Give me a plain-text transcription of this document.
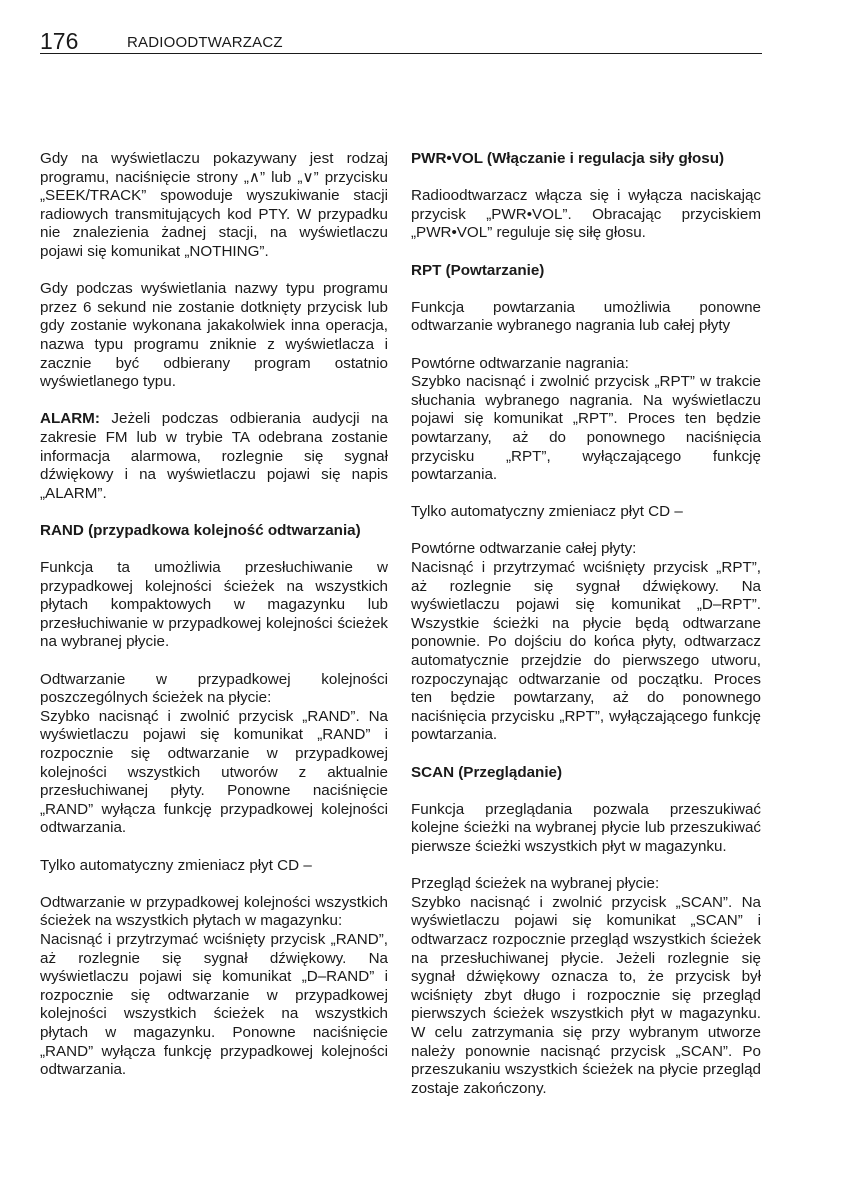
176	RADIOODTWARZACZ

Gdy na wyświetlaczu pokazywany jest rodzaj programu, naciśnięcie strony „∧” lub „∨” przycisku „SEEK/TRACK” spowoduje wyszukiwanie stacji radiowych transmitujących kod PTY. W przypadku nie znalezienia żadnej stacji, na wyświetlaczu pojawi się komunikat „NOTHING”.

Gdy podczas wyświetlania nazwy typu programu przez 6 sekund nie zostanie dotknięty przycisk lub gdy zostanie wykonana jakakolwiek inna operacja, nazwa typu programu zniknie z wyświetlacza i zacznie być odbierany program ostatnio wyświetlanego typu.

ALARM: Jeżeli podczas odbierania audycji na zakresie FM lub w trybie TA odebrana zostanie informacja alarmowa, rozlegnie się sygnał dźwiękowy i na wyświetlaczu pojawi się napis „ALARM”.

RAND (przypadkowa kolejność odtwarzania)

Funkcja ta umożliwia przesłuchiwanie w przypadkowej kolejności ścieżek na wszystkich płytach kompaktowych w magazynku lub przesłuchiwanie w przypadkowej kolejności ścieżek na wybranej płycie.

Odtwarzanie w przypadkowej kolejności poszczególnych ścieżek na płycie:

Szybko nacisnąć i zwolnić przycisk „RAND”. Na wyświetlaczu pojawi się komunikat „RAND” i rozpocznie się odtwarzanie w przypadkowej kolejności wszystkich utworów z aktualnie przesłuchiwanej płyty. Ponowne naciśnięcie „RAND” wyłącza funkcję przypadkowej kolejności odtwarzania.

Tylko automatyczny zmieniacz płyt CD –

Odtwarzanie w przypadkowej kolejności wszystkich ścieżek na wszystkich płytach w magazynku:

Nacisnąć i przytrzymać wciśnięty przycisk „RAND”, aż rozlegnie się sygnał dźwiękowy. Na wyświetlaczu pojawi się komunikat „D–RAND” i rozpocznie się odtwarzanie w przypadkowej kolejności wszystkich ścieżek na wszystkich płytach w magazynku. Ponowne naciśnięcie „RAND” wyłącza funkcję przypadkowej kolejności odtwarzania.

PWR•VOL (Włączanie i regulacja siły głosu)

Radioodtwarzacz włącza się i wyłącza naciskając przycisk „PWR•VOL”. Obracając przyciskiem „PWR•VOL” reguluje się siłę głosu.

RPT (Powtarzanie)

Funkcja powtarzania umożliwia ponowne odtwarzanie wybranego nagrania lub całej płyty

Powtórne odtwarzanie nagrania:

Szybko nacisnąć i zwolnić przycisk „RPT” w trakcie słuchania wybranego nagrania. Na wyświetlaczu pojawi się komunikat „RPT”. Proces ten będzie powtarzany, aż do ponownego naciśnięcia przycisku „RPT”, wyłączającego funkcję powtarzania.

Tylko automatyczny zmieniacz płyt CD –

Powtórne odtwarzanie całej płyty:

Nacisnąć i przytrzymać wciśnięty przycisk „RPT”, aż rozlegnie się sygnał dźwiękowy. Na wyświetlaczu pojawi się komunikat „D–RPT”. Wszystkie ścieżki na płycie będą odtwarzane ponownie. Po dojściu do końca płyty, odtwarzacz automatycznie przejdzie do pierwszego utworu, rozpoczynając odtwarzanie od początku. Proces ten będzie powtarzany, aż do ponownego naciśnięcia przycisku „RPT”, wyłączającego funkcję powtarzania.

SCAN (Przeglądanie)

Funkcja przeglądania pozwala przeszukiwać kolejne ścieżki na wybranej płycie lub przeszukiwać pierwsze ścieżki wszystkich płyt w magazynku.

Przegląd ścieżek na wybranej płycie:

Szybko nacisnąć i zwolnić przycisk „SCAN”. Na wyświetlaczu pojawi się komunikat „SCAN” i odtwarzacz rozpocznie przegląd wszystkich ścieżek na przesłuchiwanej płycie. Jeżeli rozlegnie się sygnał dźwiękowy oznacza to, że przycisk był wciśnięty zbyt długo i rozpocznie się przegląd pierwszych ścieżek wszystkich płyt w magazynku. W celu zatrzymania się przy wybranym utworze należy ponownie nacisnąć przycisk „SCAN”. Po przeszukaniu wszystkich ścieżek na płycie przegląd zostaje zakończony.
